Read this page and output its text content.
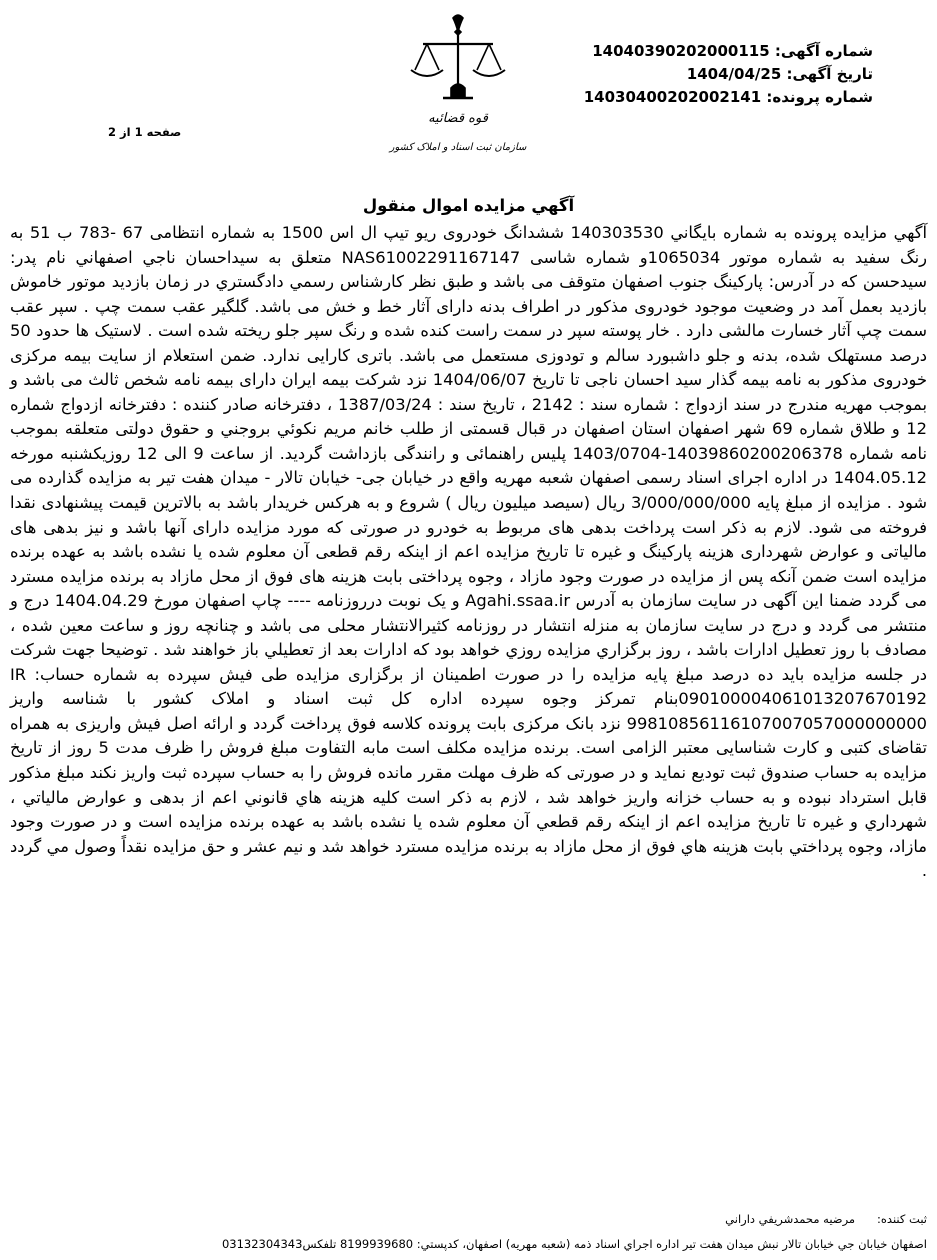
شماره آگهی: 14040390202000115
تاریخ آگهی: 1404/04/25
شماره پرونده: 14030400202002141
قوه قضائیه
سازمان ثبت اسناد و املاک کشور
صفحه 1 از 2
آگهي مزايده اموال منقول
آگهي مزايده پرونده به شماره بايگاني 140303530 ششدانگ خودروی ریو تیپ ال اس 1500 به شماره انتظامی 67 -783 ب 51 به رنگ سفيد به شماره موتور 1065034و شماره شاسی NAS61002291167147 متعلق به سیداحسان ناجي اصفهاني نام پدر: سيدحسن که در آدرس: پارکینگ جنوب اصفهان متوقف می باشد و طبق نظر کارشناس رسمي دادگستري در زمان بازدید موتور خاموش بازدید بعمل آمد در وضعیت موجود خودروی مذکور در اطراف بدنه دارای آثار خط و خش می باشد. گلگیر عقب سمت چپ . سپر عقب سمت چپ آثار خسارت مالشی دارد . خار پوسته سپر در سمت راست کنده شده و رنگ سپر جلو ریخته شده است . لاستیک ها حدود 50 درصد مستهلک شده، بدنه و جلو داشبورد سالم و تودوزی مستعمل می باشد. باتری کارایی ندارد. ضمن استعلام از سایت بیمه مرکزی خودروی مذکور به نامه بیمه گذار سید احسان ناجی تا تاریخ 1404/06/07 نزد شرکت بیمه ایران دارای بیمه نامه شخص ثالث می باشد و بموجب مهریه مندرج در سند ازدواج : شماره سند : 2142 ، تاریخ سند : 1387/03/24 ، دفترخانه صادر کننده : دفترخانه ازدواج شماره 12 و طلاق شماره 69 شهر اصفهان استان اصفهان در قبال قسمتی از طلب خانم مريم نكوئي بروجني و حقوق دولتی متعلقه بموجب نامه شماره 14039860200206378-1403/0704 پليس راهنمائی و رانندگی بازداشت گرديد. از ساعت 9 الی 12 روزیکشنبه مورخه 1404.05.12 در اداره اجرای اسناد رسمی اصفهان شعبه مهريه واقع در خيابان جی- خيابان تالار - ميدان هفت تير به مزایده گذارده می شود . مزایده از مبلغ پایه 3/000/000/000 ريال (سیصد میلیون ريال ) شروع و به هرکس خریدار باشد به بالاترین قیمت پیشنهادی نقدا فروخته می شود. لازم به ذکر است پرداخت بدهی های مربوط به خودرو در صورتی که مورد مزایده دارای آنها باشد و نیز بدهی های مالیاتی و عوارض شهرداری هزینه پارکینگ و غیره تا تاریخ مزایده اعم از اینکه رقم قطعی آن معلوم شده یا نشده باشد به عهده برنده مزایده است ضمن آنکه پس از مزایده در صورت وجود مازاد ، وجوه پرداختی بابت هزینه های فوق از محل مازاد به برنده مزایده مسترد می گردد ضمنا این آگهی در سايت سازمان به آدرس Agahi.ssaa.ir و یک نوبت درروزنامه ---- چاپ اصفهان مورخ 1404.04.29 درج و منتشر می گردد و درج در سایت سازمان به منزله انتشار در روزنامه کثيرالانتشار محلی می باشد و چنانچه روز و ساعت معین شده ، مصادف با روز تعطیل ادارات باشد ، روز برگزاري مزايده روزي خواهد بود که ادارات بعد از تعطيلي باز خواهند شد . توضيحا جهت شرکت در جلسه مزايده بايد ده درصد مبلغ پايه مزايده را در صورت اطمينان از برگزاری مزايده طی فيش سپرده به شماره حساب: IR 090100004061013207670192بنام تمرکز وجوه سپرده اداره کل ثبت اسناد و املاک کشور با شناسه واریز 99810856116107007057000000000 نزد بانک مرکزی بابت پرونده کلاسه فوق پرداخت گردد و ارائه اصل فیش واریزی به همراه تقاضای کتبی و کارت شناسایی معتبر الزامی است. برنده مزايده مکلف است مابه التفاوت مبلغ فروش را ظرف مدت 5 روز از تاریخ مزايده به حساب صندوق ثبت توديع نمايد و در صورتی که ظرف مهلت مقرر مانده فروش را به حساب سپرده ثبت واريز نکند مبلغ مذکور قابل استرداد نبوده و به حساب خزانه واريز خواهد شد ، لازم به ذکر است کليه هزينه هاي قانوني اعم از بدهی و عوارض مالياتي ، شهرداري و غيره تا تاريخ مزايده اعم از اينکه رقم قطعي آن معلوم شده يا نشده باشد به عهده برنده مزايده است و در صورت وجود مازاد، وجوه پرداختي بابت هزينه هاي فوق از محل مازاد به برنده مزايده مسترد خواهد شد و نيم عشر و حق مزايده نقداً وصول مي گردد .
ثبت کننده:      مرضيه محمدشريفي داراني
اصفهان خيابان جي خيابان تالار نبش ميدان هفت تير اداره اجراي اسناد ذمه (شعبه مهريه) اصفهان، كدپستي: 8199939680 تلفكس03132304343
